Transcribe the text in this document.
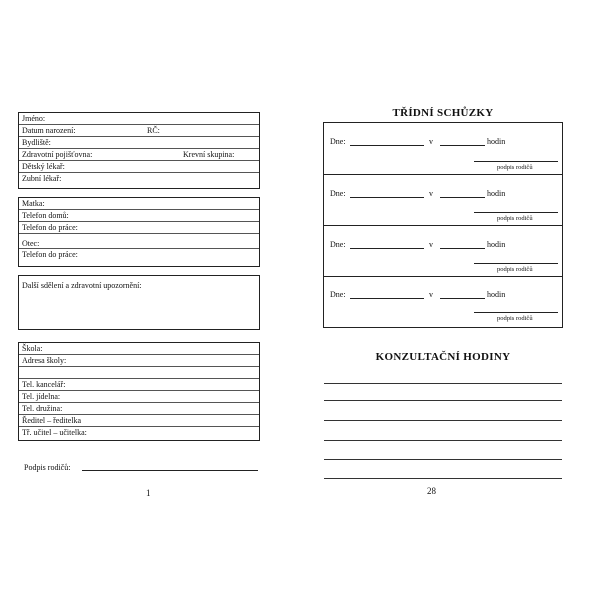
Jméno:
Datum narození:	RČ:
Bydliště:
Zdravotní pojišťovna:	Krevní skupina:
Dětský lékař:
Zubní lékař:
Matka:
Telefon domů:
Telefon do práce:
Otec:
Telefon do práce:
Další sdělení a zdravotní upozornění:
Škola:
Adresa školy:
Tel. kancelář:
Tel. jídelna:
Tel. družina:
Ředitel – ředitelka
Tř. učitel – učitelka:
Podpis rodičů:
1
TŘÍDNÍ SCHŮZKY
Dne:	v	hodin
podpis rodičů
Dne:	v	hodin
podpis rodičů
Dne:	v	hodin
podpis rodičů
Dne:	v	hodin
podpis rodičů
KONZULTAČNÍ HODINY
28
